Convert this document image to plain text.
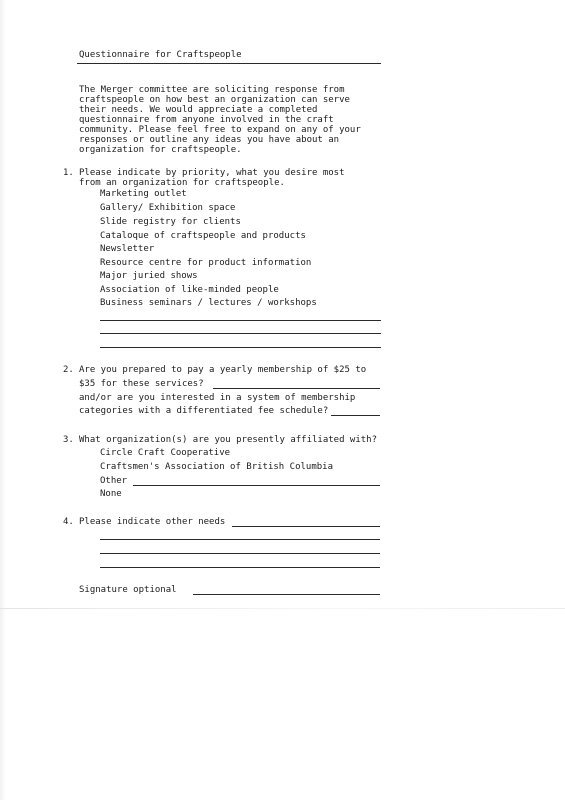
Questionnaire for Craftspeople
The Merger committee are soliciting response from
craftspeople on how best an organization can serve
their needs. We would appreciate a completed
questionnaire from anyone involved in the craft
community. Please feel free to expand on any of your
responses or outline any ideas you have about an
organization for craftspeople.
1. Please indicate by priority, what you desire most
from an organization for craftspeople.
Marketing outlet
Gallery/ Exhibition space
Slide registry for clients
Cataloque of craftspeople and products
Newsletter
Resource centre for product information
Major juried shows
Association of like-minded people
Business seminars / lectures / workshops
2. Are you prepared to pay a yearly membership of $25 to
$35 for these services?
and/or are you interested in a system of membership
categories with a differentiated fee schedule?
3. What organization(s) are you presently affiliated with?
Circle Craft Cooperative
Craftsmen's Association of British Columbia
Other
None
4. Please indicate other needs
Signature optional
